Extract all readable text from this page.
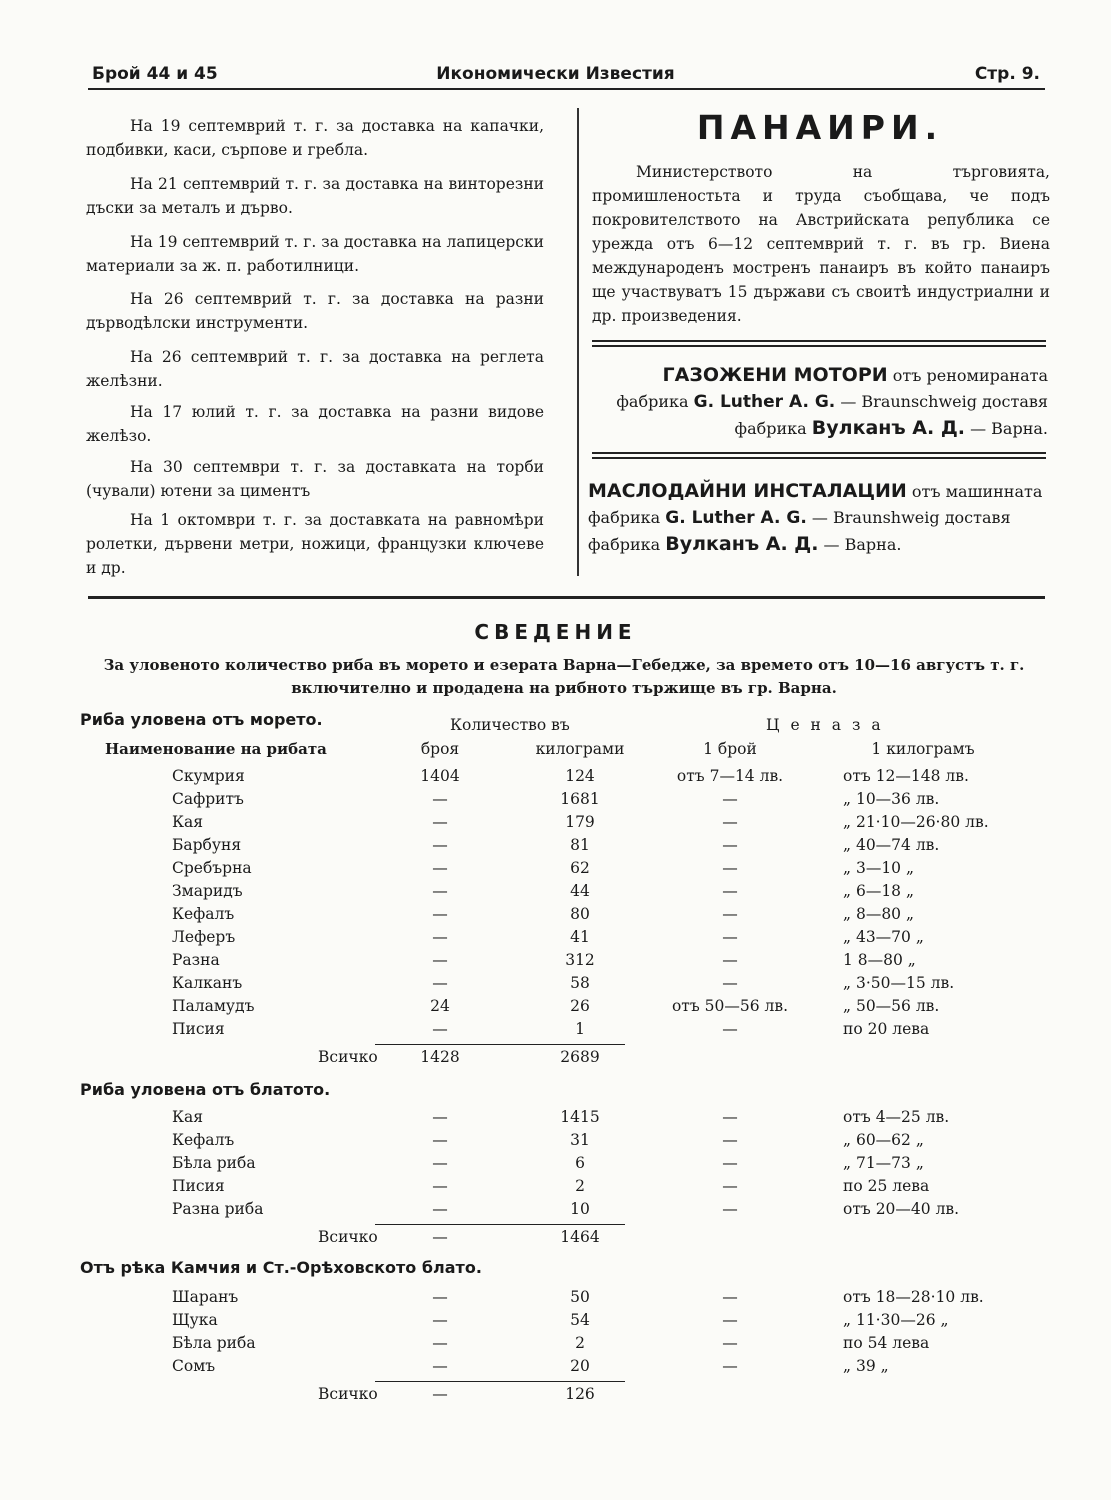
Брой 44 и 45	Икономически Известия	Стр. 9.
На 19 септемврий т. г. за доставка на капачки, подбивки, каси, сърпове и гребла.
На 21 септемврий т. г. за доставка на винторезни дъски за металъ и дърво.
На 19 септемврий т. г. за доставка на лапицерски материали за ж. п. работилници.
На 26 септемврий т. г. за доставка на разни дърводѣлски инструменти.
На 26 септемврий т. г. за доставка на реглета желѣзни.
На 17 юлий т. г. за доставка на разни видове желѣзо.
На 30 септември т. г. за доставката на торби (чували) ютени за циментъ
На 1 октомври т. г. за доставката на равномѣри ролетки, дървени метри, ножици, французки ключеве и др.
ПАНАИРИ.
Министерството на търговията, промишленостьта и труда съобщава, че подъ покровителството на Австрийската република се урежда отъ 6—12 септемврий т. г. въ гр. Виена международенъ мостренъ панаиръ въ който панаиръ ще участвуватъ 15 държави съ своитѣ индустриални и др. произведения.
ГАЗОЖЕНИ МОТОРИ отъ реномираната фабрика G. Luther A. G. — Braunschweig доставя фабрика Вулканъ А. Д. — Варна.
МАСЛОДАЙНИ ИНСТАЛАЦИИ отъ машинната фабрика G. Luther A. G. — Braunshweig доставя фабрика Вулканъ А. Д. — Варна.
СВЕДЕНИЕ
За уловеното количество риба въ морето и езерата Варна—Гебедже, за времето отъ 10—16 августъ т. г.
включително и продадена на рибното тържище въ гр. Варна.
Количество въ	Ц е н а з а
Наименование на рибата	броя	килограми	1 брой	1 килограмъ
Риба уловена отъ морето.
Скумрия	1404	124	отъ 7—14 лв.	отъ 12—148 лв.
Сафритъ	—	1681	—	„ 10—36 лв.
Кая	—	179	—	„ 21·10—26·80 лв.
Барбуня	—	81	—	„ 40—74 лв.
Сребърна	—	62	—	„ 3—10 „
Змаридъ	—	44	—	„ 6—18 „
Кефалъ	—	80	—	„ 8—80 „
Лeферъ	—	41	—	„ 43—70 „
Разна	—	312	—	1 8—80 „
Калканъ	—	58	—	„ 3·50—15 лв.
Паламудъ	24	26	отъ 50—56 лв.	„ 50—56 лв.
Писия	—	1	—	по 20 лева
Всичко	1428	2689
Риба уловена отъ блатото.
Кая	—	1415	—	отъ 4—25 лв.
Кефалъ	—	31	—	„ 60—62 „
Бѣла риба	—	6	—	„ 71—73 „
Писия	—	2	—	по 25 лева
Разна риба	—	10	—	отъ 20—40 лв.
Всичко	—	1464
Отъ рѣка Камчия и Ст.-Орѣховското блато.
Шаранъ	—	50	—	отъ 18—28·10 лв.
Щука	—	54	—	„ 11·30—26 „
Бѣла риба	—	2	—	по 54 лева
Сомъ	—	20	—	„ 39 „
Всичко	—	126
